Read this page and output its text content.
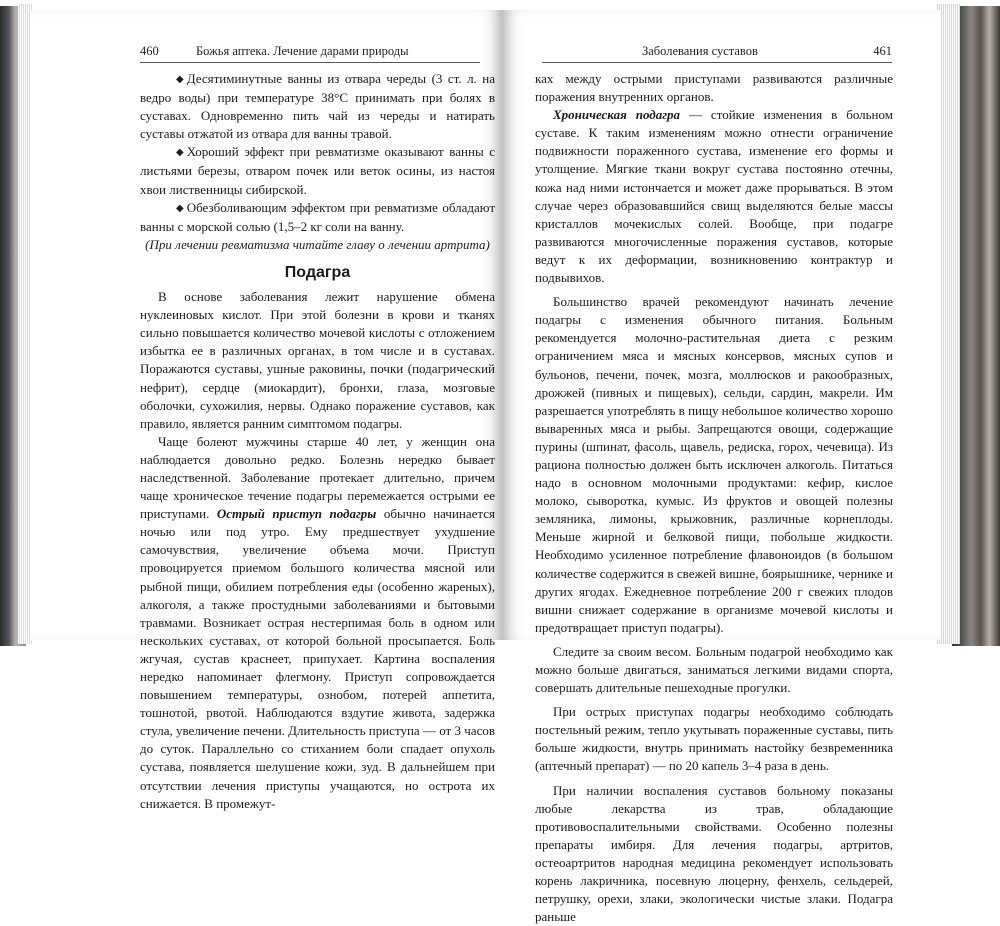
460	Божья аптека. Лечение дарами природы

◆ Десятиминутные ванны из отвара череды (3 ст. л. на ведро воды) при температуре 38°С принимать при болях в суставах. Одновременно пить чай из череды и натирать суставы отжатой из отвара для ванны травой.

◆ Хороший эффект при ревматизме оказывают ванны с листьями березы, отваром почек или веток осины, из настоя хвои лиственницы сибирской.

◆ Обезболивающим эффектом при ревматизме обладают ванны с морской солью (1,5–2 кг соли на ванну.

(При лечении ревматизма читайте главу о лечении артрита)

Подагра

В основе заболевания лежит нарушение обмена нуклеиновых кислот. При этой болезни в крови и тканях сильно повышается количество мочевой кислоты с отложением избытка ее в различных органах, в том числе и в суставах. Поражаются суставы, ушные раковины, почки (подагрический нефрит), сердце (миокардит), бронхи, глаза, мозговые оболочки, сухожилия, нервы. Однако поражение суставов, как правило, является ранним симптомом подагры.

Чаще болеют мужчины старше 40 лет, у женщин она наблюдается довольно редко. Болезнь нередко бывает наследственной. Заболевание протекает длительно, причем чаще хроническое течение подагры перемежается острыми ее приступами. Острый приступ подагры обычно начинается ночью или под утро. Ему предшествует ухудшение самочувствия, увеличение объема мочи. Приступ провоцируется приемом большого количества мясной или рыбной пищи, обилием потребления еды (особенно жареных), алкоголя, а также простудными заболеваниями и бытовыми травмами. Возникает острая нестерпимая боль в одном или нескольких суставах, от которой больной просыпается. Боль жгучая, сустав краснеет, припухает. Картина воспаления нередко напоминает флегмону. Приступ сопровождается повышением температуры, ознобом, потерей аппетита, тошнотой, рвотой. Наблюдаются вздутие живота, задержка стула, увеличение печени. Длительность приступа — от 3 часов до суток. Параллельно со стиханием боли спадает опухоль сустава, появляется шелушение кожи, зуд. В дальнейшем при отсутствии лечения приступы учащаются, но острота их снижается. В промежут-

Заболевания суставов	461

ках между острыми приступами развиваются различные поражения внутренних органов.

Хроническая подагра — стойкие изменения в больном суставе. К таким изменениям можно отнести ограничение подвижности пораженного сустава, изменение его формы и утолщение. Мягкие ткани вокруг сустава постоянно отечны, кожа над ними истончается и может даже прорываться. В этом случае через образовавшийся свищ выделяются белые массы кристаллов мочекислых солей. Вообще, при подагре развиваются многочисленные поражения суставов, которые ведут к их деформации, возникновению контрактур и подвывихов.

Большинство врачей рекомендуют начинать лечение подагры с изменения обычного питания. Больным рекомендуется молочно-растительная диета с резким ограничением мяса и мясных консервов, мясных супов и бульонов, печени, почек, мозга, моллюсков и ракообразных, дрожжей (пивных и пищевых), сельди, сардин, макрели. Им разрешается употреблять в пищу небольшое количество хорошо вываренных мяса и рыбы. Запрещаются овощи, содержащие пурины (шпинат, фасоль, щавель, редиска, горох, чечевица). Из рациона полностью должен быть исключен алкоголь. Питаться надо в основном молочными продуктами: кефир, кислое молоко, сыворотка, кумыс. Из фруктов и овощей полезны земляника, лимоны, крыжовник, различные корнеплоды. Меньше жирной и белковой пищи, побольше жидкости. Необходимо усиленное потребление флавоноидов (в большом количестве содержится в свежей вишне, боярышнике, чернике и других ягодах. Ежедневное потребление 200 г свежих плодов вишни снижает содержание в организме мочевой кислоты и предотвращает приступ подагры).

Следите за своим весом. Больным подагрой необходимо как можно больше двигаться, заниматься легкими видами спорта, совершать длительные пешеходные прогулки.

При острых приступах подагры необходимо соблюдать постельный режим, тепло укутывать пораженные суставы, пить больше жидкости, внутрь принимать настойку безвременника (аптечный препарат) — по 20 капель 3–4 раза в день.

При наличии воспаления суставов больному показаны любые лекарства из трав, обладающие противовоспалительными свойствами. Особенно полезны препараты имбиря. Для лечения подагры, артритов, остеоартритов народная медицина рекомендует использовать корень лакричника, посевную люцерну, фенхель, сельдерей, петрушку, орехи, злаки, экологически чистые злаки. Подагра раньше
